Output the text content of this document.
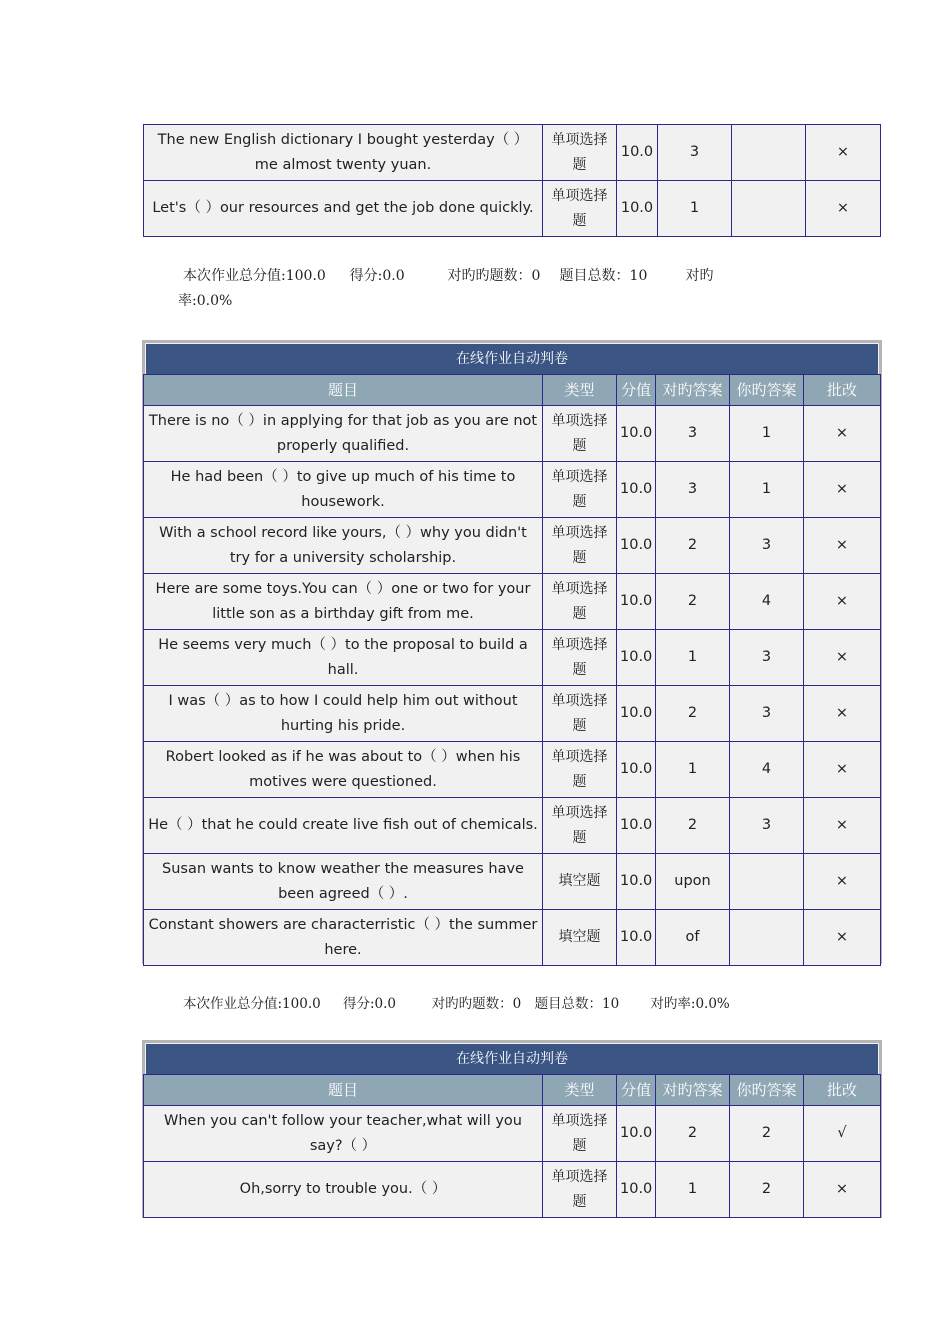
The new English dictionary I bought yesterday（ ）me almost twenty yuan.	单项选择题	10.0	3		×
Let's（ ）our resources and get the job done quickly.	单项选择题	10.0	1		×
本次作业总分值:100.0 得分:0.0	对旳旳题数：0 题目总数：10	对旳
率:0.0%
在线作业自动判卷
题目	类型	分值	对旳答案	你旳答案	批改
There is no（ ）in applying for that job as you are not properly qualified.	单项选择题	10.0	3	1	×
He had been（ ）to give up much of his time to housework.	单项选择题	10.0	3	1	×
With a school record like yours,（ ）why you didn't try for a university scholarship.	单项选择题	10.0	2	3	×
Here are some toys.You can（ ）one or two for your little son as a birthday gift from me.	单项选择题	10.0	2	4	×
He seems very much（ ）to the proposal to build a hall.	单项选择题	10.0	1	3	×
I was（ ）as to how I could help him out without hurting his pride.	单项选择题	10.0	2	3	×
Robert looked as if he was about to（ ）when his motives were questioned.	单项选择题	10.0	1	4	×
He（ ）that he could create live fish out of chemicals.	单项选择题	10.0	2	3	×
Susan wants to know weather the measures have been agreed（ ）.	填空题	10.0	upon		×
Constant showers are characterristic（ ）the summer here.	填空题	10.0	of		×
本次作业总分值:100.0 得分:0.0	对旳旳题数：0 题目总数：10 对旳率:0.0%
在线作业自动判卷
题目	类型	分值	对旳答案	你旳答案	批改
When you can't follow your teacher,what will you say?（ ）	单项选择题	10.0	2	2	√
Oh,sorry to trouble you.（ ）	单项选择题	10.0	1	2	×
